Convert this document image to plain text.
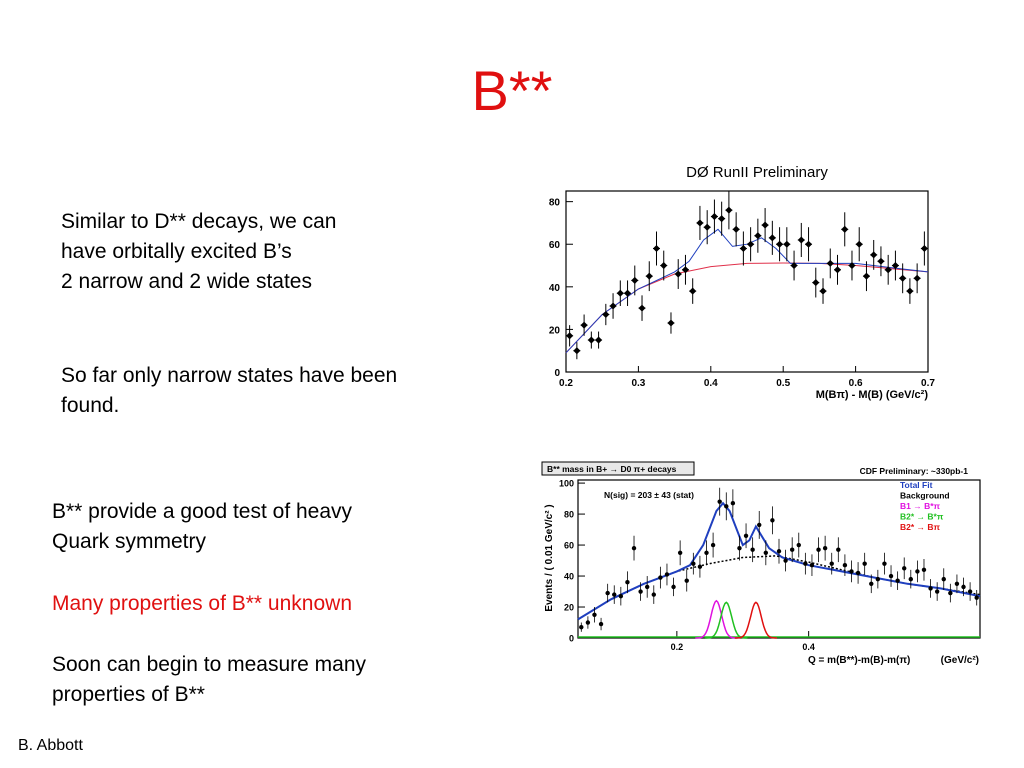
B**
Similar to D** decays, we can
have orbitally excited B’s
2 narrow and 2 wide states
So far only narrow states have been
found.
B** provide a good test of heavy
Quark symmetry
Many properties of B** unknown
Soon can begin to measure many
properties of B**
B. Abbott
DØ RunII Preliminary
0.2	0.3	0.4	0.5	0.6	0.7
0
20
40
60
80
M(Bπ) - M(B) (GeV/c²)
B** mass in B+ → D0 π+ decays	CDF Preliminary: ~330pb-1
0.2	0.4
0
20
40
60
80
100
N(sig) = 203 ± 43 (stat)
Total Fit
Background
B1 → B*π
B2* → B*π
B2* → Bπ
Events / ( 0.01 GeV/c² )
Q = m(B**)-m(B)-m(π)	(GeV/c²)
